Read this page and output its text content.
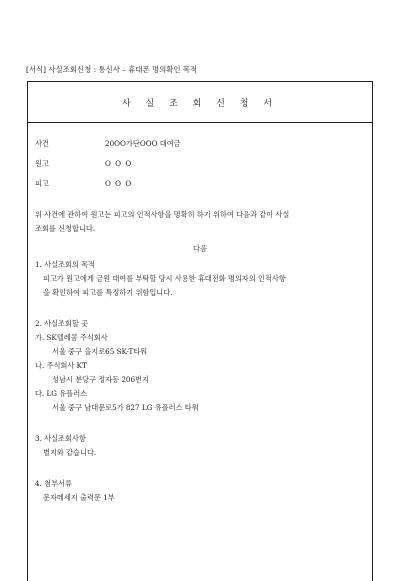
[서식] 사실조회신청 : 통신사 – 휴대폰 명의확인 목적
사 실 조 회 신 청 서
사건	20OO가단OOO 대여금
원고	O O O
피고	O O O
위 사건에 관하여 원고는 피고의 인적사항을 명확히 하기 위하여 다음과 같이 사실
조회를 신청합니다.
다음
1. 사실조회의 목적
피고가 원고에게 금원 대여를 부탁할 당시 사용한 휴대전화 명의자의 인적사항
을 확인하여 피고를 특정하기 위함입니다.
2. 사실조회할 곳
가. SK텔레콤 주식회사
서울 중구 을지로65 SK-T타워
나. 주식회사 KT
성남시 분당구 정자동 206번지
다. LG 유플러스
서울 중구 남대문로5가 827 LG 유플러스 타워
3. 사실조회사항
별지와 같습니다.
4. 첨부서류
문자메세지 출력문 1부
